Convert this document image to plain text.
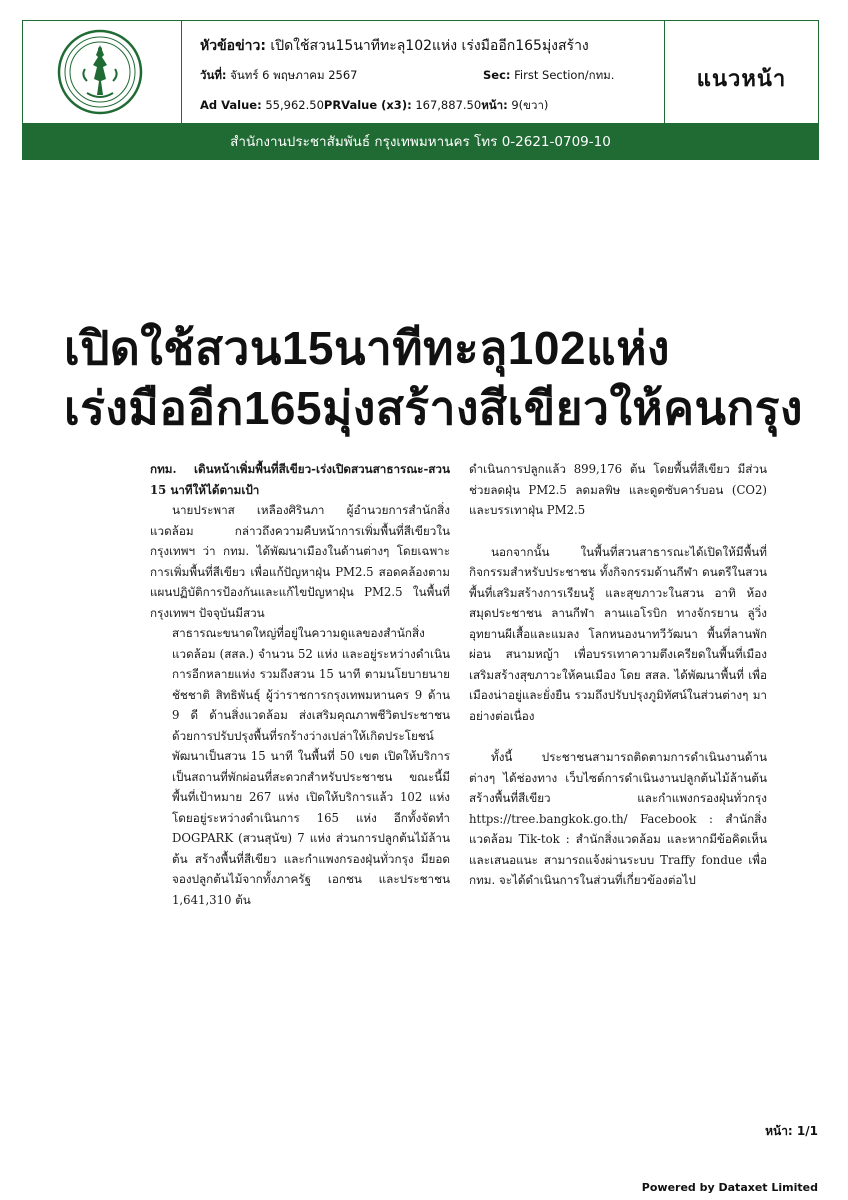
หัวข้อข่าว: เปิดใช้สวน15นาทีทะลุ102แห่ง เร่งมืออีก165มุ่งสร้าง
วันที่: จันทร์ 6 พฤษภาคม 2567	Sec: First Section/กทม.
Ad Value: 55,962.50PRValue (x3): 167,887.50หน้า: 9(ขวา)
แนวหน้า
สำนักงานประชาสัมพันธ์ กรุงเทพมหานคร โทร 0-2621-0709-10
เปิดใช้สวน15นาทีทะลุ102แห่ง
เร่งมืออีก165มุ่งสร้างสีเขียวให้คนกรุง

กทม. เดินหน้าเพิ่มพื้นที่สีเขียว-เร่งเปิดสวนสาธารณะ-สวน 15 นาทีให้ได้ตามเป้า

นายประพาส เหลืองศิรินภา ผู้อำนวยการสำนักสิ่งแวดล้อม กล่าวถึงความคืบหน้าการเพิ่มพื้นที่สีเขียวในกรุงเทพฯ ว่า กทม. ได้พัฒนาเมืองในด้านต่างๆ โดยเฉพาะการเพิ่มพื้นที่สีเขียว เพื่อแก้ปัญหาฝุ่น PM2.5 สอดคล้องตามแผนปฏิบัติการป้องกันและแก้ไขปัญหาฝุ่น PM2.5 ในพื้นที่กรุงเทพฯ ปัจจุบันมีสวน

สาธารณะขนาดใหญ่ที่อยู่ในความดูแลของสำนักสิ่งแวดล้อม (สสล.) จำนวน 52 แห่ง และอยู่ระหว่างดำเนินการอีกหลายแห่ง รวมถึงสวน 15 นาที ตามนโยบายนายชัชชาติ สิทธิพันธุ์ ผู้ว่าราชการกรุงเทพมหานคร 9 ด้าน 9 ดี ด้านสิ่งแวดล้อม ส่งเสริมคุณภาพชีวิตประชาชน ด้วยการปรับปรุงพื้นที่รกร้างว่างเปล่าให้เกิดประโยชน์ พัฒนาเป็นสวน 15 นาที ในพื้นที่ 50 เขต เปิดให้บริการเป็นสถานที่พักผ่อนที่สะดวกสำหรับประชาชน ขณะนี้มีพื้นที่เป้าหมาย 267 แห่ง เปิดให้บริการแล้ว 102 แห่ง โดยอยู่ระหว่างดำเนินการ 165 แห่ง อีกทั้งจัดทำ DOGPARK (สวนสุนัข) 7 แห่ง ส่วนการปลูกต้นไม้ล้านต้น สร้างพื้นที่สีเขียว และกำแพงกรองฝุ่นทั่วกรุง มียอดจองปลูกต้นไม้จากทั้งภาครัฐ เอกชน และประชาชน 1,641,310 ต้น

ดำเนินการปลูกแล้ว 899,176 ต้น โดยพื้นที่สีเขียว มีส่วนช่วยลดฝุ่น PM2.5 ลดมลพิษ และดูดซับคาร์บอน (CO2) และบรรเทาฝุ่น PM2.5

นอกจากนั้น ในพื้นที่สวนสาธารณะได้เปิดให้มีพื้นที่กิจกรรมสำหรับประชาชน ทั้งกิจกรรมด้านกีฬา ดนตรีในสวน พื้นที่เสริมสร้างการเรียนรู้ และสุขภาวะในสวน อาทิ ห้องสมุดประชาชน ลานกีฬา ลานแอโรบิก ทางจักรยาน ลู่วิ่ง อุทยานผีเสื้อและแมลง โลกหนองนาทวีวัฒนา พื้นที่ลานพักผ่อน สนามหญ้า เพื่อบรรเทาความตึงเครียดในพื้นที่เมือง เสริมสร้างสุขภาวะให้คนเมือง โดย สสล. ได้พัฒนาพื้นที่ เพื่อเมืองน่าอยู่และยั่งยืน รวมถึงปรับปรุงภูมิทัศน์ในส่วนต่างๆ มาอย่างต่อเนื่อง

ทั้งนี้ ประชาชนสามารถติดตามการดำเนินงานด้านต่างๆ ได้ช่องทาง เว็บไซต์การดำเนินงานปลูกต้นไม้ล้านต้น สร้างพื้นที่สีเขียว และกำแพงกรองฝุ่นทั่วกรุง https://tree.bangkok.go.th/ Facebook : สำนักสิ่งแวดล้อม Tik-tok : สำนักสิ่งแวดล้อม และหากมีข้อคิดเห็นและเสนอแนะ สามารถแจ้งผ่านระบบ Traffy fondue เพื่อ กทม. จะได้ดำเนินการในส่วนที่เกี่ยวข้องต่อไป

หน้า: 1/1
Powered by Dataxet Limited
